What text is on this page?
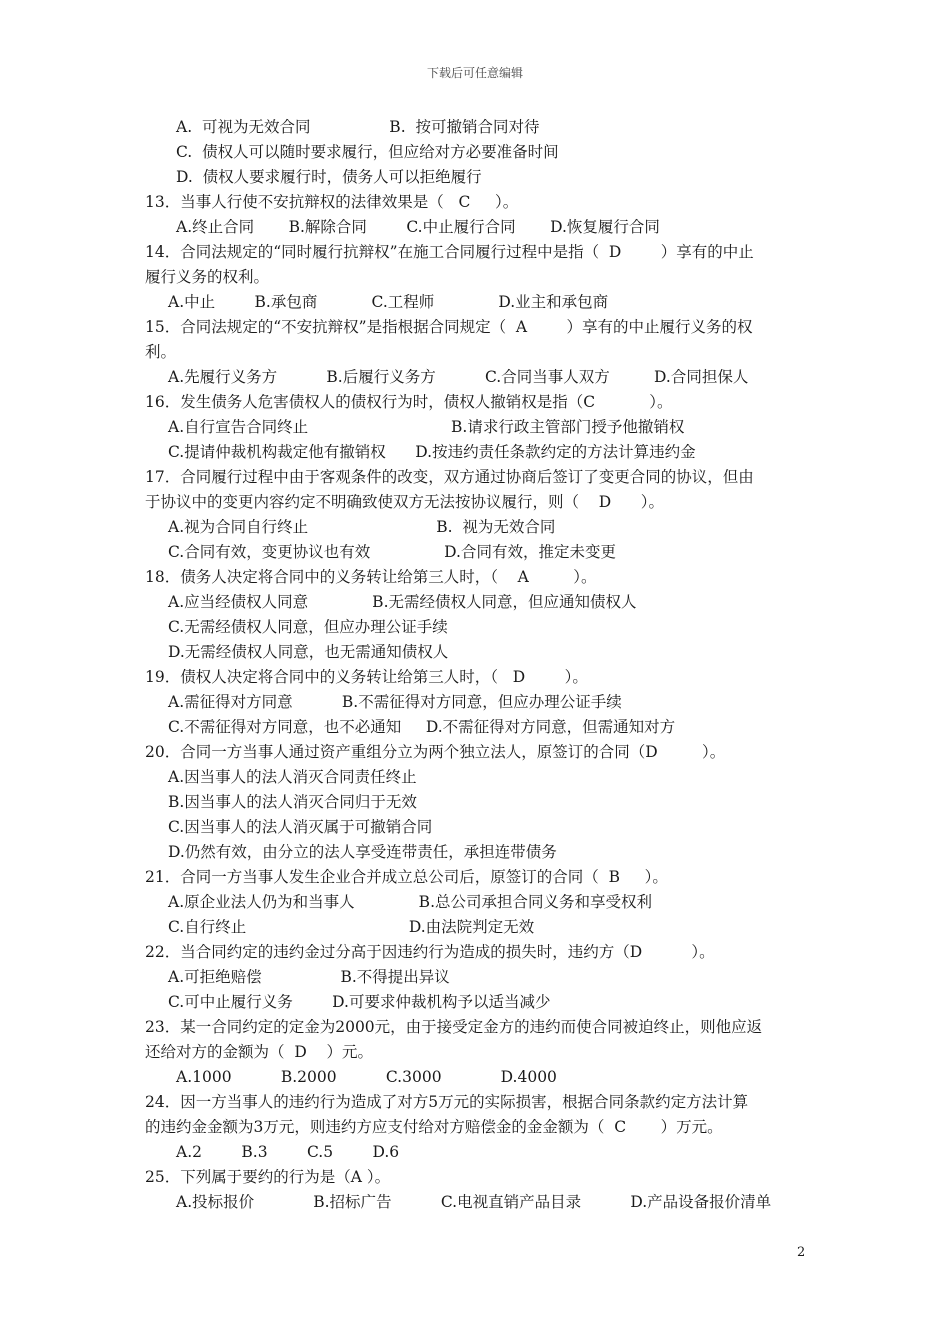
下载后可任意编辑
A.  可视为无效合同                B.  按可撤销合同对待
C.  债权人可以随时要求履行，但应给对方必要准备时间
D.  债权人要求履行时，债务人可以拒绝履行
13．当事人行使不安抗辩权的法律效果是（   C     ）。
A.终止合同       B.解除合同        C.中止履行合同       D.恢复履行合同
14．合同法规定的“同时履行抗辩权”在施工合同履行过程中是指（  D        ）享有的中止
履行义务的权利。
A.中止        B.承包商           C.工程师             D.业主和承包商
15．合同法规定的“不安抗辩权”是指根据合同规定（  A        ）享有的中止履行义务的权
利。
A.先履行义务方          B.后履行义务方          C.合同当事人双方         D.合同担保人
16．发生债务人危害债权人的债权行为时，债权人撤销权是指（C           ）。
A.自行宣告合同终止                             B.请求行政主管部门授予他撤销权
C.提请仲裁机构裁定他有撤销权      D.按违约责任条款约定的方法计算违约金
17．合同履行过程中由于客观条件的改变，双方通过协商后签订了变更合同的协议，但由
于协议中的变更内容约定不明确致使双方无法按协议履行，则（    D      ）。
A.视为合同自行终止                          B.  视为无效合同
C.合同有效，变更协议也有效               D.合同有效，推定未变更
18．债务人决定将合同中的义务转让给第三人时，（    A         ）。
A.应当经债权人同意             B.无需经债权人同意，但应通知债权人
C.无需经债权人同意，但应办理公证手续
D.无需经债权人同意，也无需通知债权人
19．债权人决定将合同中的义务转让给第三人时，（   D        ）。
A.需征得对方同意          B.不需征得对方同意，但应办理公证手续
C.不需征得对方同意，也不必通知     D.不需征得对方同意，但需通知对方
20．合同一方当事人通过资产重组分立为两个独立法人，原签订的合同（D         ）。
A.因当事人的法人消灭合同责任终止
B.因当事人的法人消灭合同归于无效
C.因当事人的法人消灭属于可撤销合同
D.仍然有效，由分立的法人享受连带责任，承担连带债务
21．合同一方当事人发生企业合并成立总公司后，原签订的合同（  B     ）。
A.原企业法人仍为和当事人             B.总公司承担合同义务和享受权利
C.自行终止                                 D.由法院判定无效
22．当合同约定的违约金过分高于因违约行为造成的损失时，违约方（D          ）。
A.可拒绝赔偿                B.不得提出异议
C.可中止履行义务        D.可要求仲裁机构予以适当减少
23．某一合同约定的定金为2000元，由于接受定金方的违约而使合同被迫终止，则他应返
还给对方的金额为（  D    ）元。
A.1000          B.2000          C.3000            D.4000
24．因一方当事人的违约行为造成了对方5万元的实际损害，根据合同条款约定方法计算
的违约金金额为3万元，则违约方应支付给对方赔偿金的金金额为（  C       ）万元。
A.2        B.3        C.5        D.6
25．下列属于要约的行为是（A ）。
A.投标报价            B.招标广告          C.电视直销产品目录          D.产品设备报价清单
2
